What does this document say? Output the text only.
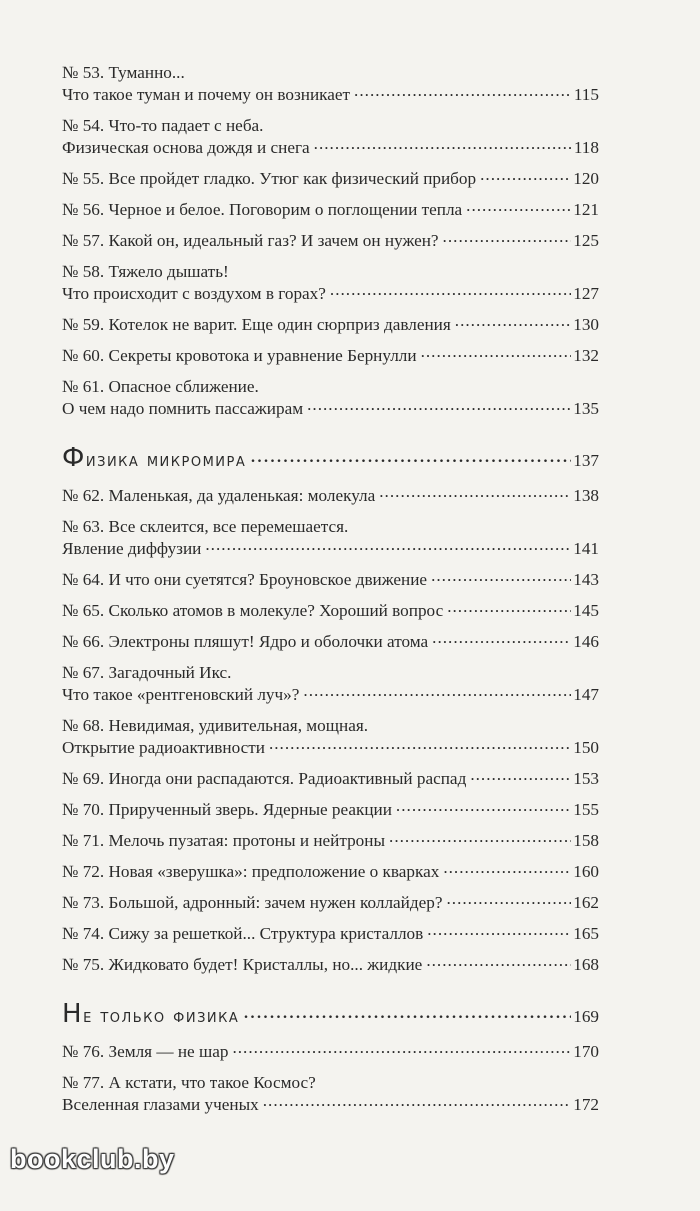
№ 53. Туманно...
Что такое туман и почему он возникает .....	115
№ 54. Что-то падает с неба.
Физическая основа дождя и снега .....	118
№ 55. Все пройдет гладко. Утюг как физический прибор .....	120
№ 56. Черное и белое. Поговорим о поглощении тепла .....	121
№ 57. Какой он, идеальный газ? И зачем он нужен? .....	125
№ 58. Тяжело дышать!
Что происходит с воздухом в горах? .....	127
№ 59. Котелок не варит. Еще один сюрприз давления .....	130
№ 60. Секреты кровотока и уравнение Бернулли .....	132
№ 61. Опасное сближение.
О чем надо помнить пассажирам .....	135
Физика микромира .....	137
№ 62. Маленькая, да удаленькая: молекула .....	138
№ 63. Все склеится, все перемешается.
Явление диффузии .....	141
№ 64. И что они суетятся? Броуновское движение .....	143
№ 65. Сколько атомов в молекуле? Хороший вопрос .....	145
№ 66. Электроны пляшут! Ядро и оболочки атома .....	146
№ 67. Загадочный Икс.
Что такое «рентгеновский луч»? .....	147
№ 68. Невидимая, удивительная, мощная.
Открытие радиоактивности .....	150
№ 69. Иногда они распадаются. Радиоактивный распад .....	153
№ 70. Прирученный зверь. Ядерные реакции .....	155
№ 71. Мелочь пузатая: протоны и нейтроны .....	158
№ 72. Новая «зверушка»: предположение о кварках .....	160
№ 73. Большой, адронный: зачем нужен коллайдер? .....	162
№ 74. Сижу за решеткой... Структура кристаллов .....	165
№ 75. Жидковато будет! Кристаллы, но... жидкие .....	168
Не только физика .....	169
№ 76. Земля — не шар .....	170
№ 77. А кстати, что такое Космос?
Вселенная глазами ученых .....	172
bookclub.by
